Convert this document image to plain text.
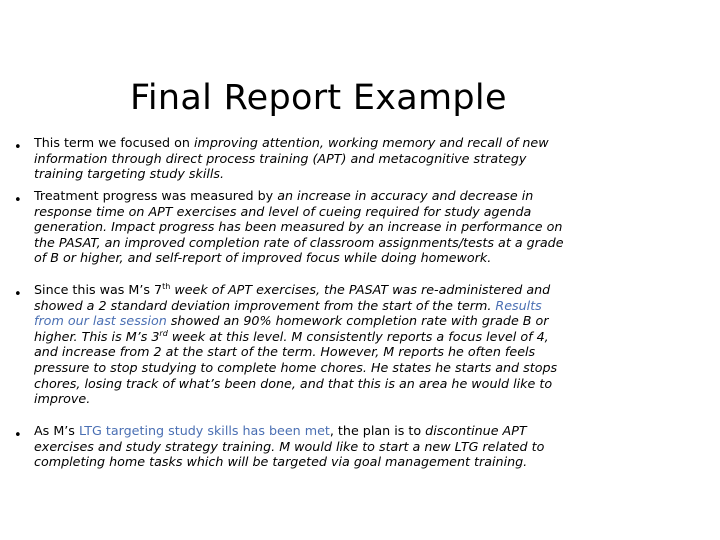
Final Report Example
• This term we focused on improving attention, working memory and recall of new
information through direct process training (APT) and metacognitive strategy
training targeting study skills.
• Treatment progress was measured by an increase in accuracy and decrease in
response time on APT exercises and level of cueing required for study agenda
generation. Impact progress has been measured by an increase in performance on
the PASAT, an improved completion rate of classroom assignments/tests at a grade
of B or higher, and self-report of improved focus while doing homework.
• Since this was M’s 7th week of APT exercises, the PASAT was re-administered and
showed a 2 standard deviation improvement from the start of the term. Results
from our last session showed an 90% homework completion rate with grade B or
higher. This is M’s 3rd week at this level. M consistently reports a focus level of 4,
and increase from 2 at the start of the term. However, M reports he often feels
pressure to stop studying to complete home chores. He states he starts and stops
chores, losing track of what’s been done, and that this is an area he would like to
improve.
• As M’s LTG targeting study skills has been met, the plan is to discontinue APT
exercises and study strategy training. M would like to start a new LTG related to
completing home tasks which will be targeted via goal management training.
